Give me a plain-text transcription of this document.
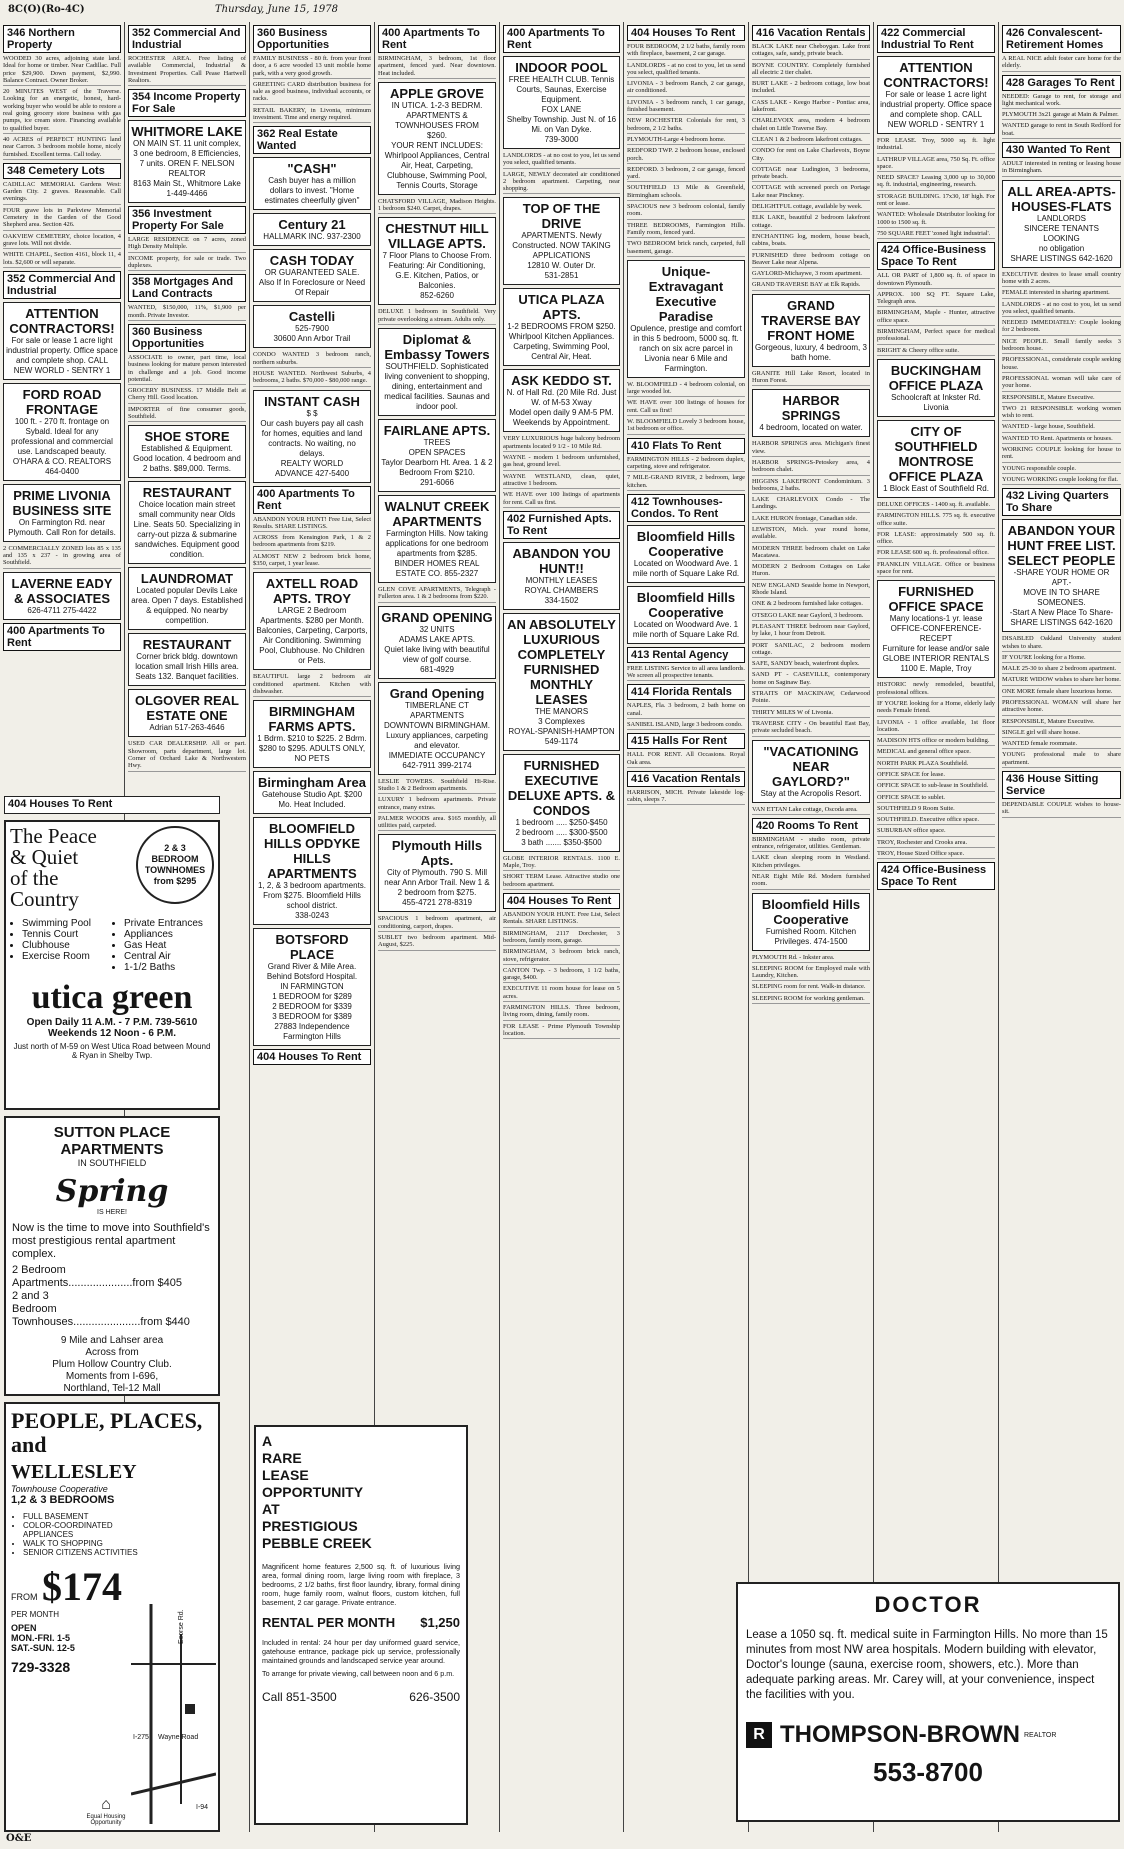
8C(O)(Ro-4C)	Thursday, June 15, 1978
346 Northern Property
WOODED 30 acres, adjoining state land. Ideal for home or timber. Near Cadillac. Full price $29,900. Down payment, $2,990. Balance Contract. Owner Broker.
20 MINUTES WEST of the Traverse. Looking for an energetic, honest, hard-working buyer who would be able to restore a real going grocery store business with gas pumps, ice cream store. Financing available to qualified buyer.
40 ACRES of PERFECT HUNTING land near Carron. 3 bedroom mobile home, nicely furnished. Excellent terms. Call today.
348 Cemetery Lots
CADILLAC MEMORIAL Gardens West: Garden City. 2 graves. Reasonable. Call evenings.
FOUR grave lots in Parkview Memorial Cemetery in the Garden of the Good Shepherd area. Section 426.
OAKVIEW CEMETERY, choice location, 4 grave lots. Will not divide.
WHITE CHAPEL, Section 4161, block 11, 4 lots. $2,600 or will separate.
352 Commercial And Industrial
ATTENTION CONTRACTORS!
For sale or lease 1 acre light industrial property. Office space and complete shop. CALL NEW WORLD - SENTRY 1
FORD ROAD FRONTAGE
100 ft. - 270 ft. frontage on Sybald. Ideal for any professional and commercial use. Landscaped beauty.
O'HARA & CO. REALTORS
464-0400
PRIME LIVONIA BUSINESS SITE
On Farmington Rd. near Plymouth. Call Ron for details.
2 COMMERCIALLY ZONED lots 85 x 135 and 135 x 237 - in growing area of Southfield.
LAVERNE EADY & ASSOCIATES
626-4711 275-4422
400 Apartments To Rent
352 Commercial And Industrial
ROCHESTER AREA. Free listing of available Commercial, Industrial & Investment Properties. Call Pease Hartwell Realtors.
354 Income Property For Sale
WHITMORE LAKE
ON MAIN ST. 11 unit complex, 3 one bedroom, 8 Efficiencies, 7 units. OREN F. NELSON REALTOR
8163 Main St., Whitmore Lake 1-449-4466
356 Investment Property For Sale
LARGE RESIDENCE on 7 acres, zoned High Density Multiple.
INCOME property, for sale or trade. Two duplexes.
358 Mortgages And Land Contracts
WANTED, $150,000, 11%, $1,900 per month. Private Investor.
360 Business Opportunities
ASSOCIATE to owner, part time, local business looking for mature person interested in challenge and a job. Good income potential.
GROCERY BUSINESS. 17 Middle Belt at Cherry Hill. Good location.
IMPORTER of fine consumer goods, Southfield.
SHOE STORE
Established & Equipment. Good location. 4 bedroom and 2 baths. $89,000. Terms.
RESTAURANT
Choice location main street small community near Olds Line. Seats 50. Specializing in carry-out pizza & submarine sandwiches. Equipment good condition.
LAUNDROMAT
Located popular Devils Lake area. Open 7 days. Established & equipped. No nearby competition.
RESTAURANT
Corner brick bldg. downtown location small Irish Hills area. Seats 132. Banquet facilities.
OLGOVER REAL ESTATE ONE
Adrian 517-263-4646
USED CAR DEALERSHIP. All or part. Showroom, parts department, large lot. Corner of Orchard Lake & Northwestern Hwy.
360 Business Opportunities
FAMILY BUSINESS - 80 ft. from your front door, a 6 acre wooded 13 unit mobile home park, with a very good growth.
GREETING CARD distribution business for sale as good business, individual accounts, or racks.
RETAIL BAKERY, in Livonia, minimum investment. Time and energy required.
362 Real Estate Wanted
"CASH"
Cash buyer has a million dollars to invest. "Home estimates cheerfully given"
Century 21
HALLMARK INC. 937-2300
CASH TODAY
OR GUARANTEED SALE. Also If In Foreclosure or Need Of Repair
Castelli
525-7900
30600 Ann Arbor Trail
CONDO WANTED 3 bedroom ranch, northern suburbs.
HOUSE WANTED. Northwest Suburbs, 4 bedrooms, 2 baths. $70,000 - $80,000 range.
INSTANT CASH
$ $
Our cash buyers pay all cash for homes, equities and land contracts. No waiting, no delays.
REALTY WORLD
ADVANCE 427-5400
400 Apartments To Rent
ABANDON YOUR HUNT! Free List, Select Results. SHARE LISTINGS.
ACROSS from Kensington Park, 1 & 2 bedroom apartments from $219.
ALMOST NEW 2 bedroom brick home, $350, carpet, 1 year lease.
AXTELL ROAD APTS. TROY
LARGE 2 Bedroom Apartments. $280 per Month. Balconies, Carpeting, Carports, Air Conditioning. Swimming Pool, Clubhouse. No Children or Pets.
BEAUTIFUL large 2 bedroom air conditioned apartment. Kitchen with dishwasher.
BIRMINGHAM FARMS APTS.
1 Bdrm. $210 to $225. 2 Bdrm. $280 to $295. ADULTS ONLY, NO PETS
Birmingham Area
Gatehouse Studio Apt. $200 Mo. Heat Included.
BLOOMFIELD HILLS OPDYKE HILLS APARTMENTS
1, 2, & 3 bedroom apartments. From $275. Bloomfield Hills school district.
338-0243
BOTSFORD PLACE
Grand River & Mile Area. Behind Botsford Hospital.
IN FARMINGTON
1 BEDROOM for $289
2 BEDROOM for $339
3 BEDROOM for $389
27883 Independence Farmington Hills
404 Houses To Rent
400 Apartments To Rent
BIRMINGHAM, 3 bedroom, 1st floor apartment, fenced yard. Near downtown. Heat included.
APPLE GROVE
IN UTICA. 1-2-3 BEDRM. APARTMENTS & TOWNHOUSES FROM
$260.
YOUR RENT INCLUDES: Whirlpool Appliances, Central Air, Heat, Carpeting, Clubhouse, Swimming Pool, Tennis Courts, Storage
CHATSFORD VILLAGE, Madison Heights. 1 bedroom $240. Carpet, drapes.
CHESTNUT HILL VILLAGE APTS.
7 Floor Plans to Choose From. Featuring: Air Conditioning, G.E. Kitchen, Patios, or Balconies.
852-6260
DELUXE 1 bedroom in Southfield. Very private overlooking a stream. Adults only.
Diplomat & Embassy Towers
SOUTHFIELD. Sophisticated living convenient to shopping, dining, entertainment and medical facilities. Saunas and indoor pool.
FAIRLANE APTS.
TREES
OPEN SPACES
Taylor Dearborn Ht. Area. 1 & 2 Bedroom From $210.
291-6066
WALNUT CREEK APARTMENTS
Farmington Hills. Now taking applications for one bedroom apartments from $285.
BINDER HOMES REAL ESTATE CO. 855-2327
GLEN COVE APARTMENTS, Telegraph - Fullerton area. 1 & 2 bedrooms from $220.
GRAND OPENING
32 UNITS
ADAMS LAKE APTS.
Quiet lake living with beautiful view of golf course.
681-4929
Grand Opening
TIMBERLANE CT APARTMENTS
DOWNTOWN BIRMINGHAM. Luxury appliances, carpeting and elevator.
IMMEDIATE OCCUPANCY
642-7911 399-2174
LESLIE TOWERS. Southfield Hi-Rise. Studio 1 & 2 Bedroom apartments.
LUXURY 1 bedroom apartments. Private entrance, many extras.
PALMER WOODS area. $165 monthly, all utilities paid, carpeted.
Plymouth Hills Apts.
City of Plymouth. 790 S. Mill near Ann Arbor Trail. New 1 & 2 bedroom from $275.
455-4721 278-8319
SPACIOUS 1 bedroom apartment, air conditioning, carport, drapes.
SUBLET two bedroom apartment. Mid-August, $225.
400 Apartments To Rent
INDOOR POOL
FREE HEALTH CLUB. Tennis Courts, Saunas, Exercise Equipment.
FOX LANE
Shelby Township. Just N. of 16 Mi. on Van Dyke.
739-3000
LANDLORDS - at no cost to you, let us send you select, qualified tenants.
LARGE, NEWLY decorated air conditioned 2 bedroom apartment. Carpeting, near shopping.
TOP OF THE DRIVE
APARTMENTS. Newly Constructed. NOW TAKING APPLICATIONS
12810 W. Outer Dr.
531-2851
UTICA PLAZA APTS.
1-2 BEDROOMS FROM $250. Whirlpool Kitchen Appliances. Carpeting, Swimming Pool, Central Air, Heat.
ASK KEDDO ST.
N. of Hall Rd. (20 Mile Rd. Just W. of M-53 Xway
Model open daily 9 AM-5 PM. Weekends by Appointment.
VERY LUXURIOUS huge balcony bedroom apartments located 9 1/2 - 10 Mile Rd.
WAYNE - modern 1 bedroom unfurnished, gas heat, ground level.
WAYNE WESTLAND, clean, quiet, attractive 1 bedroom.
WE HAVE over 100 listings of apartments for rent. Call us first.
402 Furnished Apts. To Rent
ABANDON YOU HUNT!!
MONTHLY LEASES
ROYAL CHAMBERS
334-1502
AN ABSOLUTELY LUXURIOUS COMPLETELY FURNISHED MONTHLY LEASES
THE MANORS
3 Complexes
ROYAL-SPANISH-HAMPTON
549-1174
FURNISHED EXECUTIVE DELUXE APTS. & CONDOS
1 bedroom ..... $250-$450
2 bedroom ..... $300-$500
3 bath ....... $350-$500
GLOBE INTERIOR RENTALS. 1100 E. Maple, Troy.
SHORT TERM Lease. Attractive studio one bedroom apartment.
404 Houses To Rent
ABANDON YOUR HUNT. Free List, Select Rentals. SHARE LISTINGS.
BIRMINGHAM, 2117 Dorchester, 3 bedroom, family room, garage.
BIRMINGHAM, 3 bedroom brick ranch, stove, refrigerator.
CANTON Twp. - 3 bedroom, 1 1/2 baths, garage, $400.
EXECUTIVE 11 room house for lease on 5 acres.
FARMINGTON HILLS. Three bedroom, living room, dining, family room.
FOR LEASE - Prime Plymouth Township location.
404 Houses To Rent
FOUR BEDROOM, 2 1/2 baths, family room with fireplace, basement, 2 car garage.
LANDLORDS - at no cost to you, let us send you select, qualified tenants.
LIVONIA - 3 bedroom Ranch, 2 car garage, air conditioned.
LIVONIA - 3 bedroom ranch, 1 car garage, finished basement.
NEW ROCHESTER Colonials for rent, 3 bedroom, 2 1/2 baths.
PLYMOUTH-Large 4 bedroom home.
REDFORD TWP. 2 bedroom house, enclosed porch.
REDFORD. 3 bedroom, 2 car garage, fenced yard.
SOUTHFIELD 13 Mile & Greenfield, Birmingham schools.
SPACIOUS new 3 bedroom colonial, family room.
THREE BEDROOMS, Farmington Hills. Family room, fenced yard.
TWO BEDROOM brick ranch, carpeted, full basement, garage.
Unique-Extravagant Executive Paradise
Opulence, prestige and comfort in this 5 bedroom, 5000 sq. ft. ranch on six acre parcel in Livonia near 6 Mile and Farmington.
W. BLOOMFIELD - 4 bedroom colonial, on large wooded lot.
WE HAVE over 100 listings of houses for rent. Call us first!
W. BLOOMFIELD Lovely 3 bedroom house, 1st bedroom or office.
410 Flats To Rent
FARMINGTON HILLS - 2 bedroom duplex, carpeting, stove and refrigerator.
7 MILE-GRAND RIVER, 2 bedroom, large kitchen.
412 Townhouses-Condos. To Rent
Bloomfield Hills Cooperative
Located on Woodward Ave. 1 mile north of Square Lake Rd.
Bloomfield Hills Cooperative
Located on Woodward Ave. 1 mile north of Square Lake Rd.
413 Rental Agency
FREE LISTING Service to all area landlords. We screen all prospective tenants.
414 Florida Rentals
NAPLES, Fla. 3 bedroom, 2 bath home on canal.
SANIBEL ISLAND, large 3 bedroom condo.
415 Halls For Rent
HALL FOR RENT. All Occasions. Royal Oak area.
416 Vacation Rentals
HARRISON, MICH. Private lakeside log-cabin, sleeps 7.
416 Vacation Rentals
BLACK LAKE near Cheboygan. Lake front cottages, safe, sandy, private beach.
BOYNE COUNTRY. Completely furnished all electric 2 tier chalet.
BURT LAKE - 2 bedroom cottage, low boat included.
CASS LAKE - Keego Harbor - Pontiac area, lakefront.
CHARLEVOIX area, modern 4 bedroom chalet on Little Traverse Bay.
CLEAN 1 & 2 bedroom lakefront cottages.
CONDO for rent on Lake Charlevoix, Boyne City.
COTTAGE near Ludington, 3 bedrooms, private beach.
COTTAGE with screened porch on Portage Lake near Pinckney.
DELIGHTFUL cottage, available by week.
ELK LAKE, beautiful 2 bedroom lakefront cottage.
ENCHANTING log, modern, house beach, cabins, boats.
FURNISHED three bedroom cottage on Beaver Lake near Alpena.
GAYLORD-Michaywe, 3 room apartment.
GRAND TRAVERSE BAY at Elk Rapids.
GRAND TRAVERSE BAY FRONT HOME
Gorgeous, luxury, 4 bedroom, 3 bath home.
GRANITE Hill Lake Resort, located in Huron Forest.
HARBOR SPRINGS
4 bedroom, located on water.
HARBOR SPRINGS area. Michigan's finest view.
HARBOR SPRINGS-Petoskey area, 4 bedroom chalet.
HIGGINS LAKEFRONT Condominium. 3 bedrooms, 2 baths.
LAKE CHARLEVOIX Condo - The Landings.
LAKE HURON frontage, Canadian side.
LEWISTON, Mich. year round home, available.
MODERN THREE bedroom chalet on Lake Macatawa.
MODERN 2 Bedroom Cottages on Lake Huron.
NEW ENGLAND Seaside home in Newport, Rhode Island.
ONE & 2 bedroom furnished lake cottages.
OTSEGO LAKE near Gaylord, 3 bedroom.
PLEASANT THREE bedroom near Gaylord, by lake, 1 hour from Detroit.
PORT SANILAC, 2 bedroom modern cottage.
SAFE, SANDY beach, waterfront duplex.
SAND PT - CASEVILLE, contemporary home on Saginaw Bay.
STRAITS OF MACKINAW, Cedarwood Pointe.
THIRTY MILES W of Livonia.
TRAVERSE CITY - On beautiful East Bay, private secluded beach.
"VACATIONING NEAR GAYLORD?"
Stay at the Acropolis Resort.
VAN ETTAN Lake cottage, Oscoda area.
420 Rooms To Rent
BIRMINGHAM - studio room, private entrance, refrigerator, utilities. Gentleman.
LAKE clean sleeping room in Westland. Kitchen privileges.
NEAR Eight Mile Rd. Modern furnished room.
Bloomfield Hills Cooperative
Furnished Room. Kitchen Privileges. 474-1500
PLYMOUTH Rd. - Inkster area.
SLEEPING ROOM for Employed male with Laundry, Kitchen.
SLEEPING room for rent. Walk-in distance.
SLEEPING ROOM for working gentleman.
422 Commercial Industrial To Rent
ATTENTION CONTRACTORS!
For sale or lease 1 acre light industrial property. Office space and complete shop. CALL NEW WORLD - SENTRY 1
FOR LEASE. Troy, 5000 sq. ft. light industrial.
LATHRUP VILLAGE area, 750 Sq. Ft. office space.
NEED SPACE? Leasing 3,000 up to 30,000 sq. ft. industrial, engineering, research.
STORAGE BUILDING. 17x30, 18' high. For rent or lease.
WANTED: Wholesale Distributor looking for 1000 to 1500 sq. ft.
750 SQUARE FEET 'zoned light industrial'.
424 Office-Business Space To Rent
ALL OR PART of 1,800 sq. ft. of space in downtown Plymouth.
APPROX. 100 SQ FT. Square Lake, Telegraph area.
BIRMINGHAM, Maple - Hunter, attractive office space.
BIRMINGHAM, Perfect space for medical professional.
BRIGHT & Cheery office suite.
BUCKINGHAM OFFICE PLAZA
Schoolcraft at Inkster Rd. Livonia
CITY OF SOUTHFIELD MONTROSE OFFICE PLAZA
1 Block East of Southfield Rd.
DELUXE OFFICES - 1400 sq. ft. available.
FARMINGTON HILLS. 775 sq. ft. executive office suite.
FOR LEASE: approximately 500 sq. ft. office.
FOR LEASE 600 sq. ft. professional office.
FRANKLIN VILLAGE. Office or business space for rent.
FURNISHED OFFICE SPACE
Many locations-1 yr. lease
OFFICE-CONFERENCE-RECEPT
Furniture for lease and/or sale
GLOBE INTERIOR RENTALS
1100 E. Maple, Troy
HISTORIC newly remodeled, beautiful, professional offices.
IF YOU'RE looking for a Home, elderly lady needs Female friend.
LIVONIA - 1 office available, 1st floor location.
MADISON HTS office or modern building.
MEDICAL and general office space.
NORTH PARK PLAZA Southfield.
OFFICE SPACE for lease.
OFFICE SPACE to sub-lease in Southfield.
OFFICE SPACE to sublet.
SOUTHFIELD 9 Room Suite.
SOUTHFIELD. Executive office space.
SUBURBAN office space.
TROY, Rochester and Crooks area.
TROY, House Sized Office space.
424 Office-Business Space To Rent
426 Convalescent-Retirement Homes
A REAL NICE adult foster care home for the elderly.
428 Garages To Rent
NEEDED: Garage to rent, for storage and light mechanical work.
PLYMOUTH 3x21 garage at Main & Palmer.
WANTED garage to rent in South Redford for boat.
430 Wanted To Rent
ADULT interested in renting or leasing house in Birmingham.
ALL AREA-APTS-HOUSES-FLATS
LANDLORDS
SINCERE TENANTS LOOKING
no obligation
SHARE LISTINGS 642-1620
EXECUTIVE desires to lease small country home with 2 acres.
FEMALE interested in sharing apartment.
LANDLORDS - at no cost to you, let us send you select, qualified tenants.
NEEDED IMMEDIATELY: Couple looking for 2 bedroom.
NICE PEOPLE. Small family seeks 3 bedroom house.
PROFESSIONAL, considerate couple seeking house.
PROFESSIONAL woman will take care of your home.
RESPONSIBLE, Mature Executive.
TWO 21 RESPONSIBLE working women wish to rent.
WANTED - large house, Southfield.
WANTED TO Rent. Apartments or houses.
WORKING COUPLE looking for house to rent.
YOUNG responsible couple.
YOUNG WORKING couple looking for flat.
432 Living Quarters To Share
ABANDON YOUR HUNT FREE LIST. SELECT PEOPLE
-SHARE YOUR HOME OR APT.-
MOVE IN TO SHARE SOMEONES.
-Start A New Place To Share-
SHARE LISTINGS 642-1620
DISABLED Oakland University student wishes to share.
IF YOU'RE looking for a Home.
MALE 25-30 to share 2 bedroom apartment.
MATURE WIDOW wishes to share her home.
ONE MORE female share luxurious home.
PROFESSIONAL WOMAN will share her attractive home.
RESPONSIBLE, Mature Executive.
SINGLE girl will share house.
WANTED female roommate.
YOUNG professional male to share apartment.
436 House Sitting Service
DEPENDABLE COUPLE wishes to house-sit.
The Peace
& Quiet
of the
Country
2 & 3 BEDROOM TOWNHOMES from $295
• Swimming Pool
• Tennis Court
• Clubhouse
• Exercise Room
• Private Entrances
• Appliances
• Gas Heat
• Central Air
• 1-1/2 Baths
utica green
Open Daily 11 A.M. - 7 P.M. 739-5610
Weekends 12 Noon - 6 P.M.
Just north of M-59 on West Utica Road between Mound & Ryan in Shelby Twp.
SUTTON PLACE APARTMENTS
IN SOUTHFIELD
Spring
IS HERE!
Now is the time to move into Southfield's most prestigious rental apartment complex.
2 Bedroom
Apartments.....................from $405
2 and 3
Bedroom
Townhouses......................from $440
9 Mile and Lahser area
Across from
Plum Hollow Country Club.
Moments from I-696,
Northland, Tel-12 Mall
PEOPLE, PLACES, and
WELLESLEY
Townhouse Cooperative
1,2 & 3 BEDROOMS
• FULL BASEMENT
• COLOR-COORDINATED APPLIANCES
• WALK TO SHOPPING
• SENIOR CITIZENS ACTIVITIES
FROM $174
PER MONTH
OPEN
MON.-FRI. 1-5
SAT.-SUN. 12-5
729-3328
⌂
Equal Housing Opportunity
Ecorse Rd.
I-275 Wayne Road
I-94
404 Houses To Rent
A
RARE
LEASE
OPPORTUNITY
AT
PRESTIGIOUS
PEBBLE CREEK
Magnificent home features 2,500 sq. ft. of luxurious living area, formal dining room, large living room with fireplace, 3 bedrooms, 2 1/2 baths, first floor laundry, library, formal dining room, huge family room, walnut floors, custom kitchen, full basement, 2 car garage. Private entrance.
RENTAL PER MONTH $1,250
Included in rental: 24 hour per day uniformed guard service, gatehouse entrance, package pick up service, professionally maintained grounds and landscaped service year around.
To arrange for private viewing, call between noon and 6 p.m.
Call 851-3500	626-3500
DOCTOR
Lease a 1050 sq. ft. medical suite in Farmington Hills. No more than 15 minutes from most NW area hospitals. Modern building with elevator, Doctor's lounge (sauna, exercise room, showers, etc.). More than adequate parking areas. Mr. Carey will, at your convenience, inspect the facilities with you.
R THOMPSON-BROWN REALTOR
553-8700
O&E
